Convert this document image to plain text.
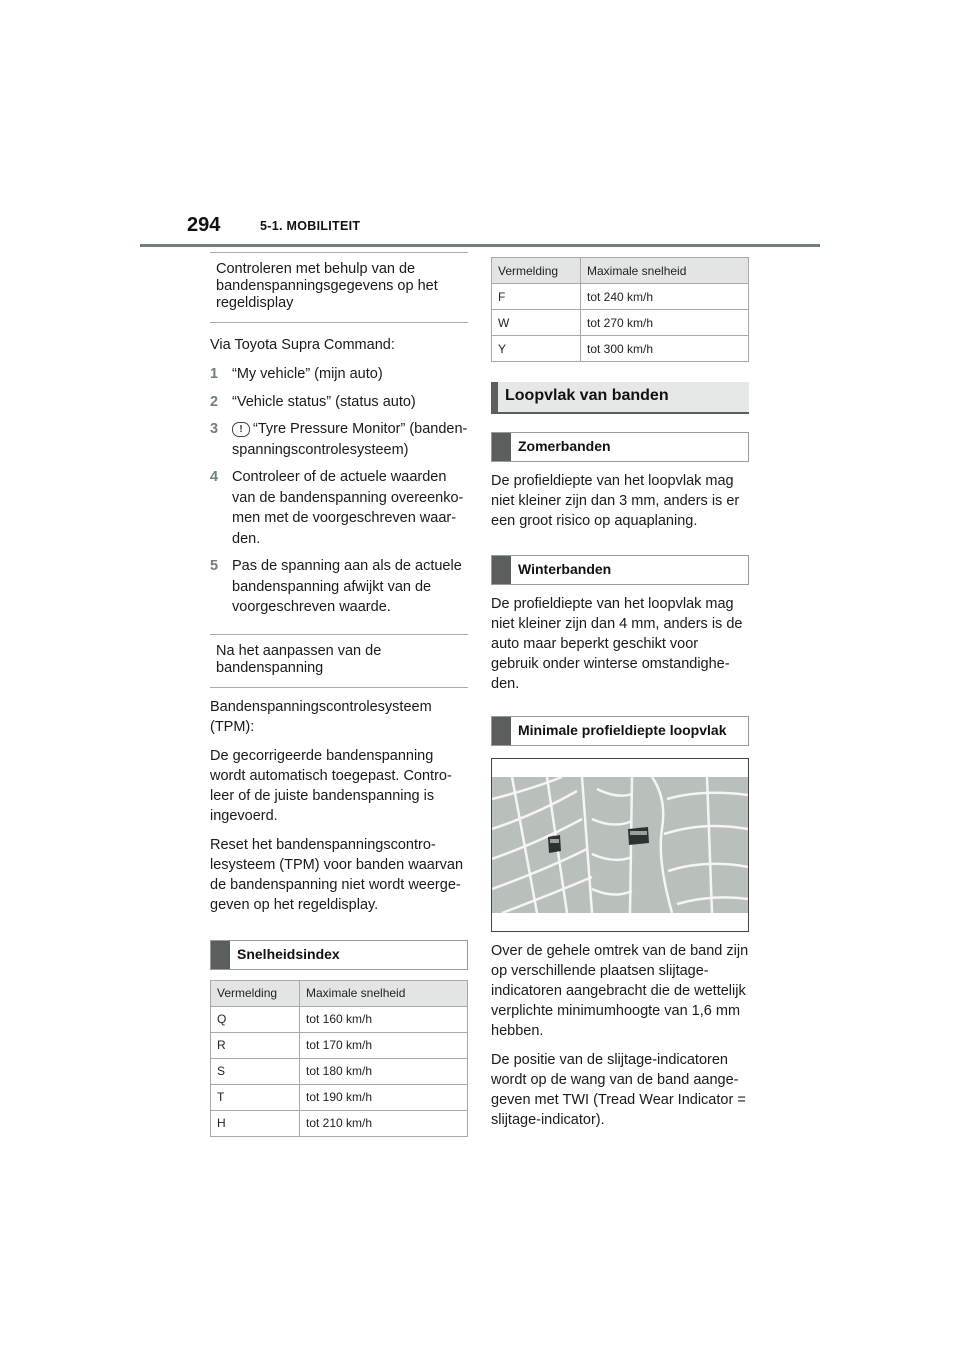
294	5-1. MOBILITEIT
Controleren met behulp van de bandenspanningsgegevens op het regeldisplay

Via Toyota Supra Command:

1 “My vehicle” (mijn auto)
2 “Vehicle status” (status auto)
3	! “Tyre Pressure Monitor” (banden-spanningscontrolesysteem)
4 Controleer of de actuele waarden van de bandenspanning overeenko-men met de voorgeschreven waar-den.
5 Pas de spanning aan als de actuele bandenspanning afwijkt van de voorgeschreven waarde.
Na het aanpassen van de bandenspanning

Bandenspanningscontrolesysteem (TPM):

De gecorrigeerde bandenspanning wordt automatisch toegepast. Contro-leer of de juiste bandenspanning is ingevoerd.

Reset het bandenspanningscontro-lesysteem (TPM) voor banden waarvan de bandenspanning niet wordt weerge-geven op het regeldisplay.

Snelheidsindex
Vermelding	Maximale snelheid
Q	tot 160 km/h
R	tot 170 km/h
S	tot 180 km/h
T	tot 190 km/h
H	tot 210 km/h
Vermelding	Maximale snelheid
F	tot 240 km/h
W	tot 270 km/h
Y	tot 300 km/h
Loopvlak van banden
Zomerbanden

De profieldiepte van het loopvlak mag niet kleiner zijn dan 3 mm, anders is er een groot risico op aquaplaning.

Winterbanden

De profieldiepte van het loopvlak mag niet kleiner zijn dan 4 mm, anders is de auto maar beperkt geschikt voor gebruik onder winterse omstandighe-den.

Minimale profieldiepte loopvlak

Over de gehele omtrek van de band zijn op verschillende plaatsen slijtage-indicatoren aangebracht die de wettelijk verplichte minimumhoogte van 1,6 mm hebben.

De positie van de slijtage-indicatoren wordt op de wang van de band aange-geven met TWI (Tread Wear Indicator = slijtage-indicator).
